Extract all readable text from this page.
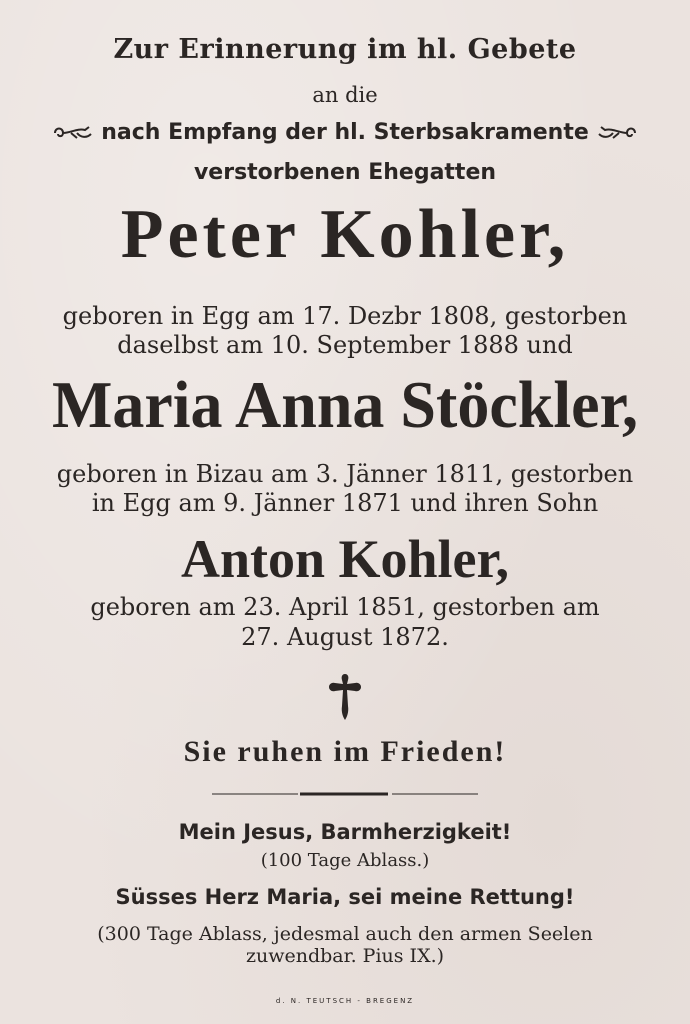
Zur Erinnerung im hl. Gebete
an die
nach Empfang der hl. Sterbsakramente
verstorbenen Ehegatten
Peter Kohler,
geboren in Egg am 17. Dezbr 1808, gestorben
daselbst am 10. September 1888 und
Maria Anna Stöckler,
geboren in Bizau am 3. Jänner 1811, gestorben
in Egg am 9. Jänner 1871 und ihren Sohn
Anton Kohler,
geboren am 23. April 1851, gestorben am
27. August 1872.
Sie ruhen im Frieden!
Mein Jesus, Barmherzigkeit!
(100 Tage Ablass.)
Süsses Herz Maria, sei meine Rettung!
(300 Tage Ablass, jedesmal auch den armen Seelen
zuwendbar. Pius IX.)
d. N. TEUTSCH - BREGENZ
